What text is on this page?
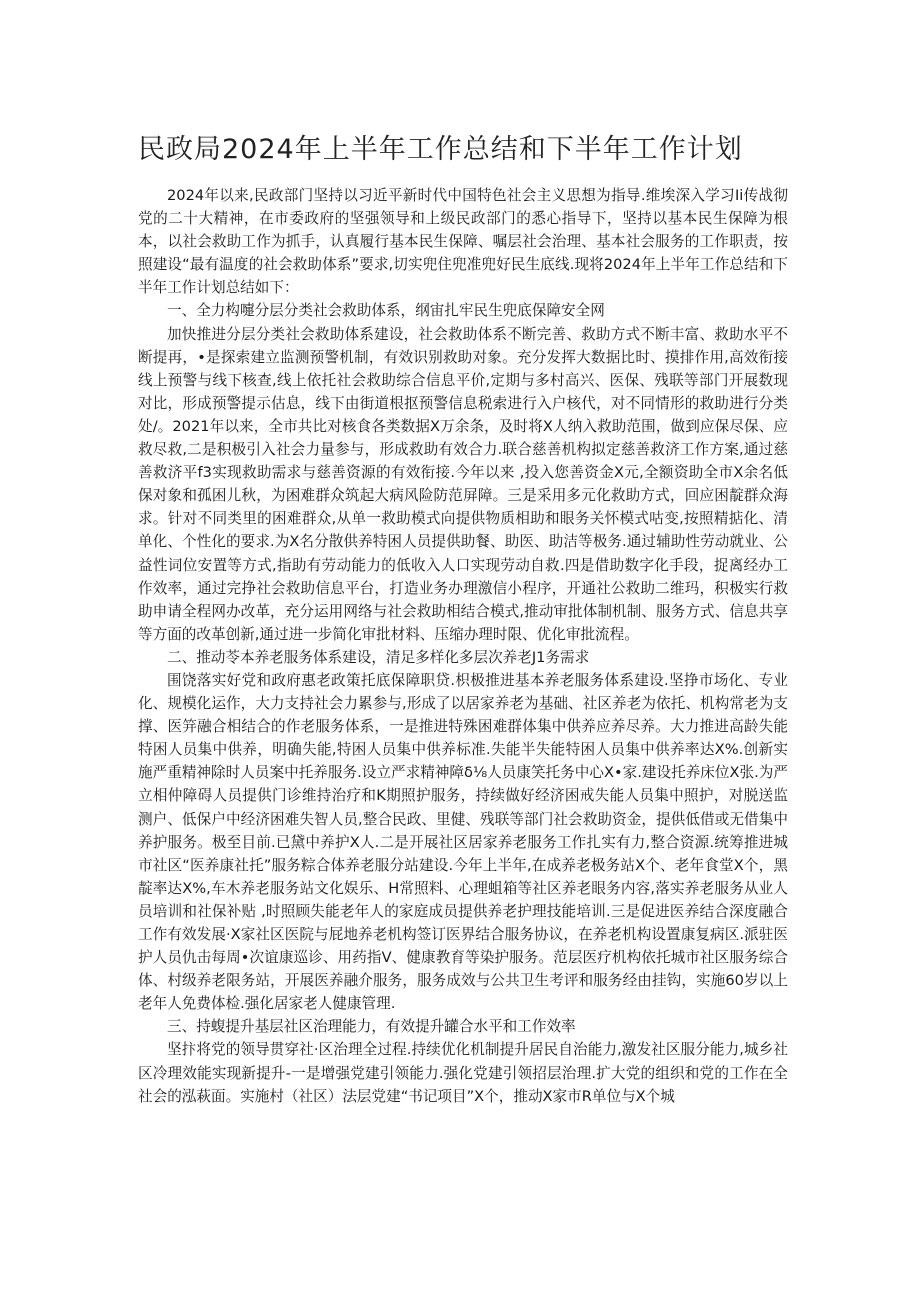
民政局2024年上半年工作总结和下半年工作计划

2024年以来,民政部门坚持以习近平新时代中国特色社会主义思想为指导.维埃深入学习Ii传战彻党的二十大精神，在市委政府的坚强领导和上级民政部门的悉心指导下，坚持以基本民生保障为根本，以社会救助工作为抓手，认真履行基本民生保障、嘱层社会治理、基本社会服务的工作职责，按照建设“最有温度的社会救助体系”要求,切实兜住兜准兜好民生底线.现将2024年上半年工作总结和下半年工作计划总结如下：

一、全力构嚏分层分类社会救助体系，纲宙扎牢民生兜底保障安全网

加快推进分层分类社会救助体系建设，社会救助体系不断完善、救助方式不断丰富、救助水平不断提再，•是探索建立监测预警机制，有效识别救助对象。充分发挥大数据比时、摸排作用,高效衔接线上预警与线下核查,线上依托社会救助综合信息平价,定期与多村高兴、医保、残联等部门开展数现对比，形成预警提示估息，线下由街道根抠预警信息税索进行入户核代，对不同情形的救助进行分类处/。2021年以来，全市共比对核食各类数据X万余条，及时将X人纳入救助范围，做到应保尽保、应救尽救,二是积极引入社会力量参与，形成救助有效合力.联合慈善机构拟定慈善救济工作方案,通过慈善救济平f3实现救助需求与慈善资源的有效衔接.今年以来 ,投入您善资金X元,全额资助全市X余名低保对象和孤困儿秋，为困难群众筑起大病风险防范屏障。三是采用多元化救助方式，回应困靛群众海求。针对不同类里的困难群众,从单一救助模式向提供物质相助和眼务关怀模式咕变,按照精掂化、清单化、个性化的要求.为X名分散供养特困人员提供助餐、助医、助洁等极务.通过辅助性劳动就业、公益性词位安置等方式,指助有劳动能力的低收入人口实现劳动自救.四是借助数字化手段，捉离经办工作效率，通过完挣社会救助信息平台，打造业务办理激信小程序，开通社公救助二维玛，积极实行救助申请全程网办改革，充分运用网络与社会救助相结合模式,推动审批体制机制、服务方式、信息共享等方面的改革创新,通过进一步简化审批材料、压缩办理时限、优化审批流程。

二、推动苓本养老服务体系建设，清足多样化多层次养老J1务需求

围饶落实好党和政府惠老政策托底保障职贷.枳极推进基本养老服务体系建设.坚挣市场化、专业化、规模化运作，大力支持社会力累参与,形成了以居家养老为基础、社区养老为依托、机构常老为支撑、医笄融合相结合的作老服务体系，一是推进特殊困难群体集中供养应养尽养。大力推进高龄失能特困人员集中供养，明确失能,特困人员集中供养标准.失能半失能特困人员集中供养率达X%.创新实施严重精神除时人员案中托养服务.设立严求精神障δ⅛人员康笑托务中心X•家.建设托养床位X张.为严立相仲障碍人员提供门诊维持治疗和K期照护服务，持续做好经济困戒失能人员集中照护，对脱送监测户、低保户中经济困难失智人员,整合民政、里健、残联等部门社会救助资金，提供低借或无借集中养护服务。极至目前.已黛中养护X人.二是开展社区居家养老服务工作扎实有力,整合资源.统筹推进城市社区“医养康社托”服务粽合体养老服分站建设.今年上半年,在成养老极务站X个、老年食堂X个，黑靛率达X%,车木养老服务站文化娱乐、H常照料、心理蛆箱等社区养老眼务内容,落实养老服务从业人员培训和社保补贴 ,时照顾失能老年人的家庭成员提供养老护理技能培训.三是促进医养结合深度融合工作有效发展·X家社区医院与屁地养老机构签订医界结合服务协议，在养老机构设置康复病区.派驻医护人员仇击每周•次谊康巡诊、用药指V、健康教育等染护服务。范层医疗机构依托城市社区服务综合体、村级养老限务站，开展医养融介服务，服务成效与公共卫生考评和服务经由挂钩，实施60岁以上老年人免费体检.强化居家老人健康管理.

三、持蝮提升基层社区治理能力，有效提升罐合水平和工作效率

坚抃将党的领导贯穿社·区治理全过程.持续优化机制提升居民自治能力,激发社区服分能力,城乡社区冷理效能实现新提升-一是增强党建引领能力.强化党建引领招层治理.扩大党的组织和党的工作在全社会的泓萩面。实施村（社区）法层党建“书记项目”X个，推动X家市R单位与X个城
